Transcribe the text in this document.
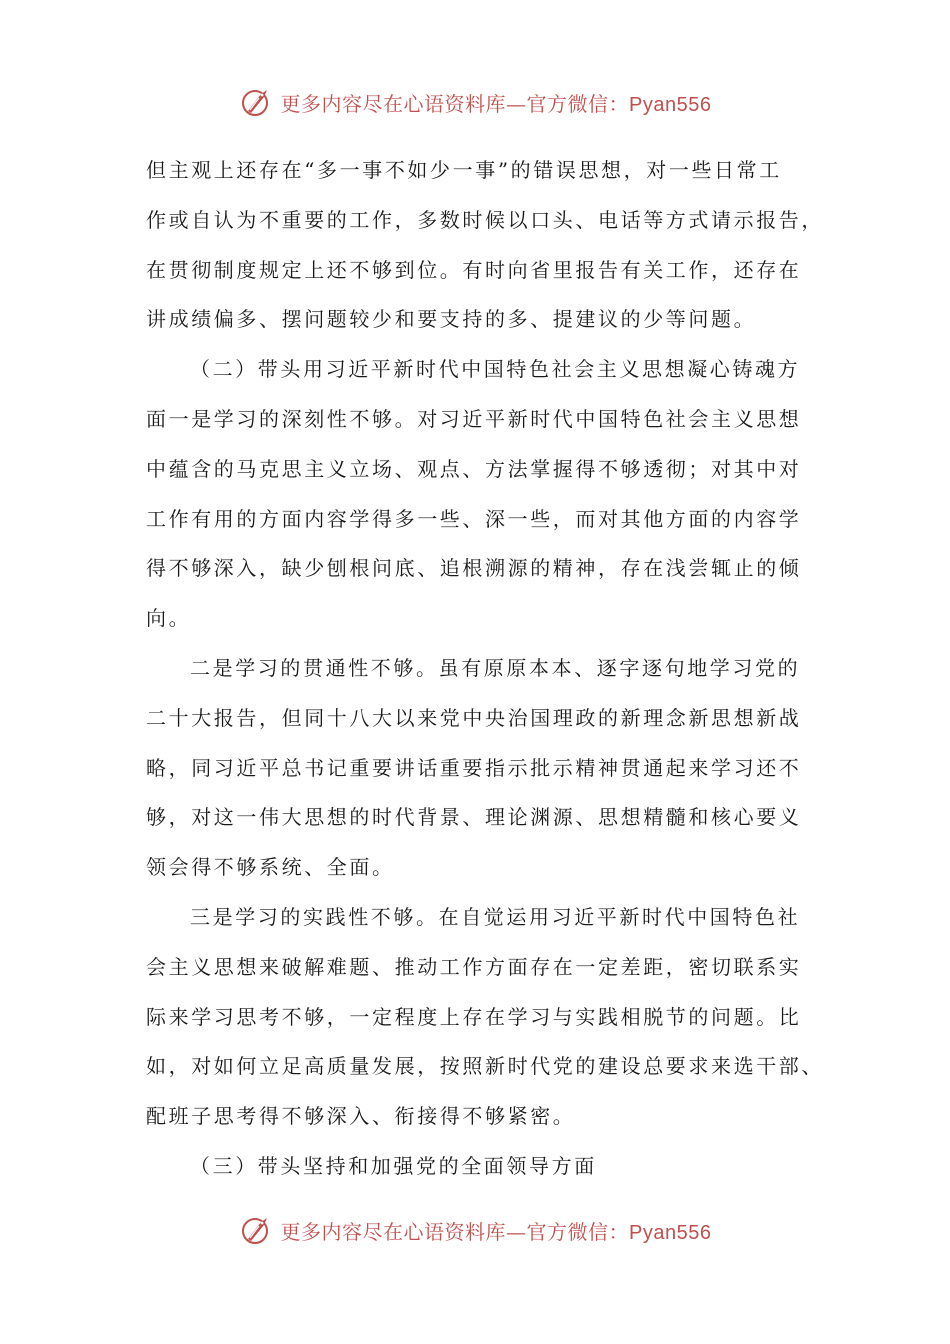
更多内容尽在心语资料库—官方微信：Pyan556
但主观上还存在“多一事不如少一事”的错误思想，对一些日常工
作或自认为不重要的工作，多数时候以口头、电话等方式请示报告，
在贯彻制度规定上还不够到位。有时向省里报告有关工作，还存在
讲成绩偏多、摆问题较少和要支持的多、提建议的少等问题。
（二）带头用习近平新时代中国特色社会主义思想凝心铸魂方
面一是学习的深刻性不够。对习近平新时代中国特色社会主义思想
中蕴含的马克思主义立场、观点、方法掌握得不够透彻；对其中对
工作有用的方面内容学得多一些、深一些，而对其他方面的内容学
得不够深入，缺少刨根问底、追根溯源的精神，存在浅尝辄止的倾
向。
二是学习的贯通性不够。虽有原原本本、逐字逐句地学习党的
二十大报告，但同十八大以来党中央治国理政的新理念新思想新战
略，同习近平总书记重要讲话重要指示批示精神贯通起来学习还不
够，对这一伟大思想的时代背景、理论渊源、思想精髓和核心要义
领会得不够系统、全面。
三是学习的实践性不够。在自觉运用习近平新时代中国特色社
会主义思想来破解难题、推动工作方面存在一定差距，密切联系实
际来学习思考不够，一定程度上存在学习与实践相脱节的问题。比
如，对如何立足高质量发展，按照新时代党的建设总要求来选干部、
配班子思考得不够深入、衔接得不够紧密。
（三）带头坚持和加强党的全面领导方面
更多内容尽在心语资料库—官方微信：Pyan556
